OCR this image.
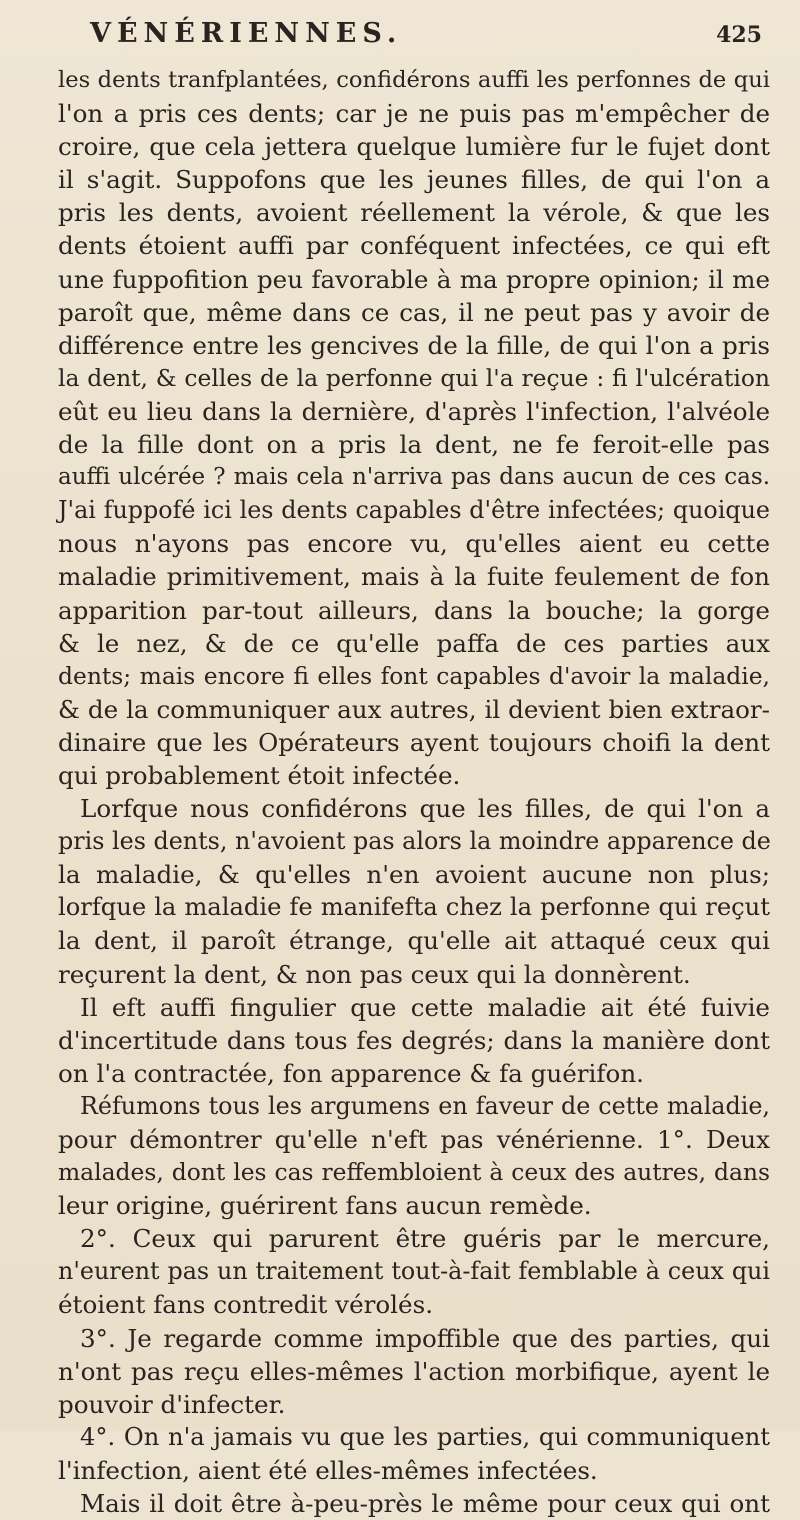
VÉNÉRIENNES.	425
les dents tranfplantées, confidérons auffi les perfonnes de qui
l'on a pris ces dents; car je ne puis pas m'empêcher de
croire, que cela jettera quelque lumière fur le fujet dont
il s'agit. Suppofons que les jeunes filles, de qui l'on a
pris les dents, avoient réellement la vérole, & que les
dents étoient auffi par conféquent infectées, ce qui eft
une fuppofition peu favorable à ma propre opinion; il me
paroît que, même dans ce cas, il ne peut pas y avoir de
différence entre les gencives de la fille, de qui l'on a pris
la dent, & celles de la perfonne qui l'a reçue : fi l'ulcération
eût eu lieu dans la dernière, d'après l'infection, l'alvéole
de la fille dont on a pris la dent, ne fe feroit-elle pas
auffi ulcérée ? mais cela n'arriva pas dans aucun de ces cas.
J'ai fuppofé ici les dents capables d'être infectées; quoique
nous n'ayons pas encore vu, qu'elles aient eu cette
maladie primitivement, mais à la fuite feulement de fon
apparition par-tout ailleurs, dans la bouche; la gorge
& le nez, & de ce qu'elle paffa de ces parties aux
dents; mais encore fi elles font capables d'avoir la maladie,
& de la communiquer aux autres, il devient bien extraor-
dinaire que les Opérateurs ayent toujours choifi la dent
qui probablement étoit infectée.
Lorfque nous confidérons que les filles, de qui l'on a
pris les dents, n'avoient pas alors la moindre apparence de
la maladie, & qu'elles n'en avoient aucune non plus;
lorfque la maladie fe manifefta chez la perfonne qui reçut
la dent, il paroît étrange, qu'elle ait attaqué ceux qui
reçurent la dent, & non pas ceux qui la donnèrent.
Il eft auffi fingulier que cette maladie ait été fuivie
d'incertitude dans tous fes degrés; dans la manière dont
on l'a contractée, fon apparence & fa guérifon.
Réfumons tous les argumens en faveur de cette maladie,
pour démontrer qu'elle n'eft pas vénérienne. 1°. Deux
malades, dont les cas reffembloient à ceux des autres, dans
leur origine, guérirent fans aucun remède.
2°. Ceux qui parurent être guéris par le mercure,
n'eurent pas un traitement tout-à-fait femblable à ceux qui
étoient fans contredit vérolés.
3°. Je regarde comme impoffible que des parties, qui
n'ont pas reçu elles-mêmes l'action morbifique, ayent le
pouvoir d'infecter.
4°. On n'a jamais vu que les parties, qui communiquent
l'infection, aient été elles-mêmes infectées.
Mais il doit être à-peu-près le même pour ceux qui ont
